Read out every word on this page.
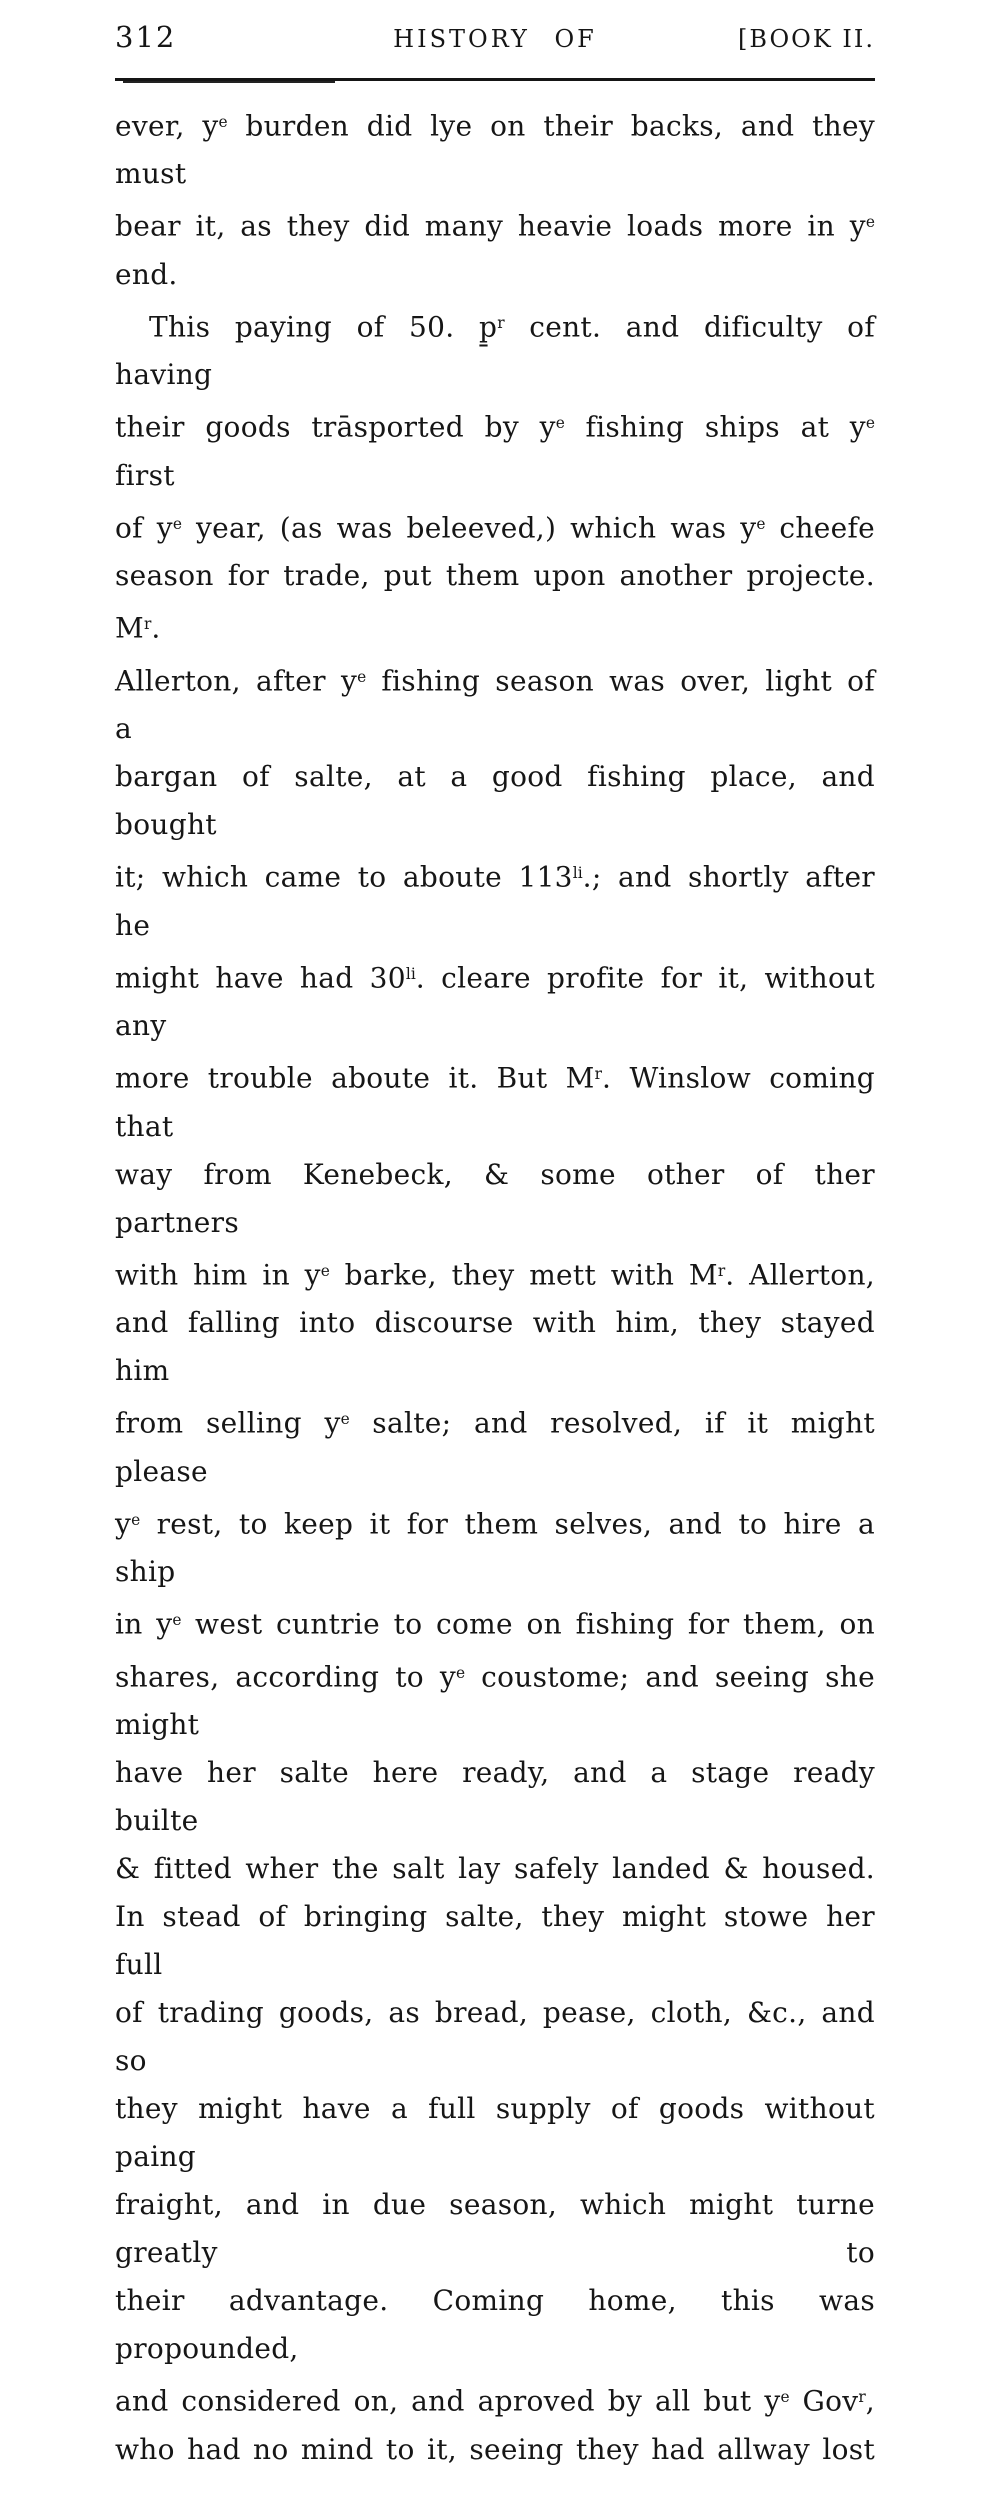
312	HISTORY OF	[BOOK II.
ever, $y^e$ burden did lye on their backs, and they must
bear it, as they did many heavie loads more in $y^e$
end.
This paying of 50. p̱$^r$ cent. and dificulty of having
their goods trāsported by $y^e$ fishing ships at $y^e$ first
of $y^e$ year, (as was beleeved,) which was $y^e$ cheefe
season for trade, put them upon another projecte. $M^r$.
Allerton, after $y^e$ fishing season was over, light of a
bargan of salte, at a good fishing place, and bought
it; which came to aboute $113^{li}$.; and shortly after he
might have had $30^{li}$. cleare profite for it, without any
more trouble aboute it. But $M^r$. Winslow coming that
way from Kenebeck, & some other of ther partners
with him in $y^e$ barke, they mett with $M^r$. Allerton,
and falling into discourse with him, they stayed him
from selling $y^e$ salte; and resolved, if it might please
$y^e$ rest, to keep it for them selves, and to hire a ship
in $y^e$ west cuntrie to come on fishing for them, on
shares, according to $y^e$ coustome; and seeing she might
have her salte here ready, and a stage ready builte
& fitted wher the salt lay safely landed & housed.
In stead of bringing salte, they might stowe her full
of trading goods, as bread, pease, cloth, &c., and so
they might have a full supply of goods without paing
fraight, and in due season, which might turne greatly to
their advantage. Coming home, this was propounded,
and considered on, and aproved by all but $y^e$ Gov$^r$,
who had no mind to it, seeing they had allway lost
